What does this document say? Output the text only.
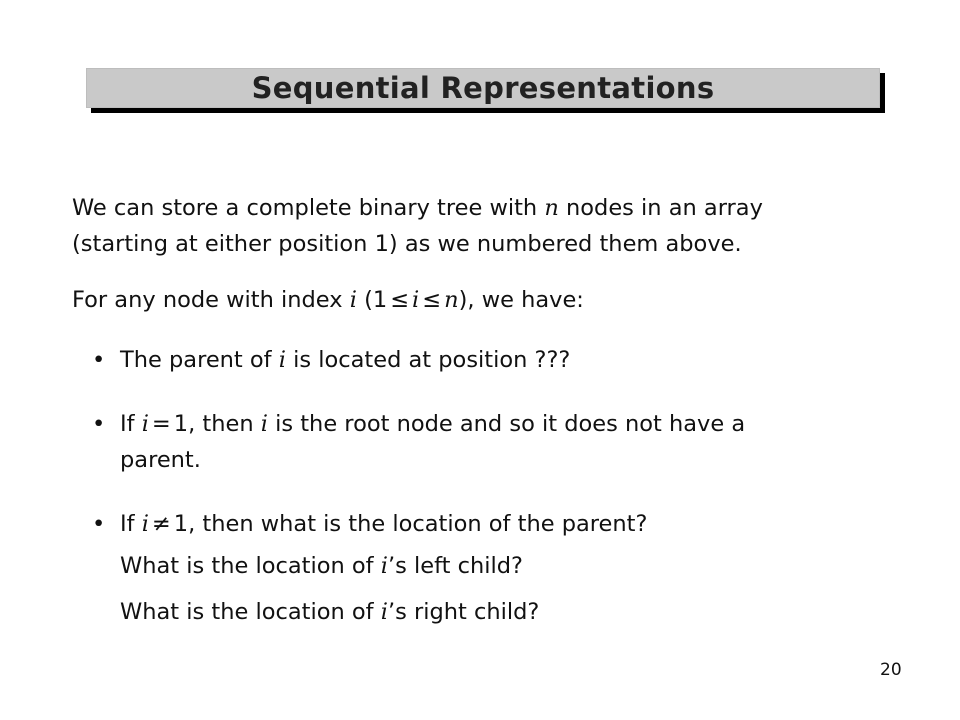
Sequential Representations
We can store a complete binary tree with n nodes in an array
(starting at either position 1) as we numbered them above.
For any node with index i (1 ≤ i ≤ n), we have:
• The parent of i is located at position ???
• If i = 1, then i is the root node and so it does not have a
parent.
• If i ≠ 1, then what is the location of the parent?
What is the location of i’s left child?
What is the location of i’s right child?
20
